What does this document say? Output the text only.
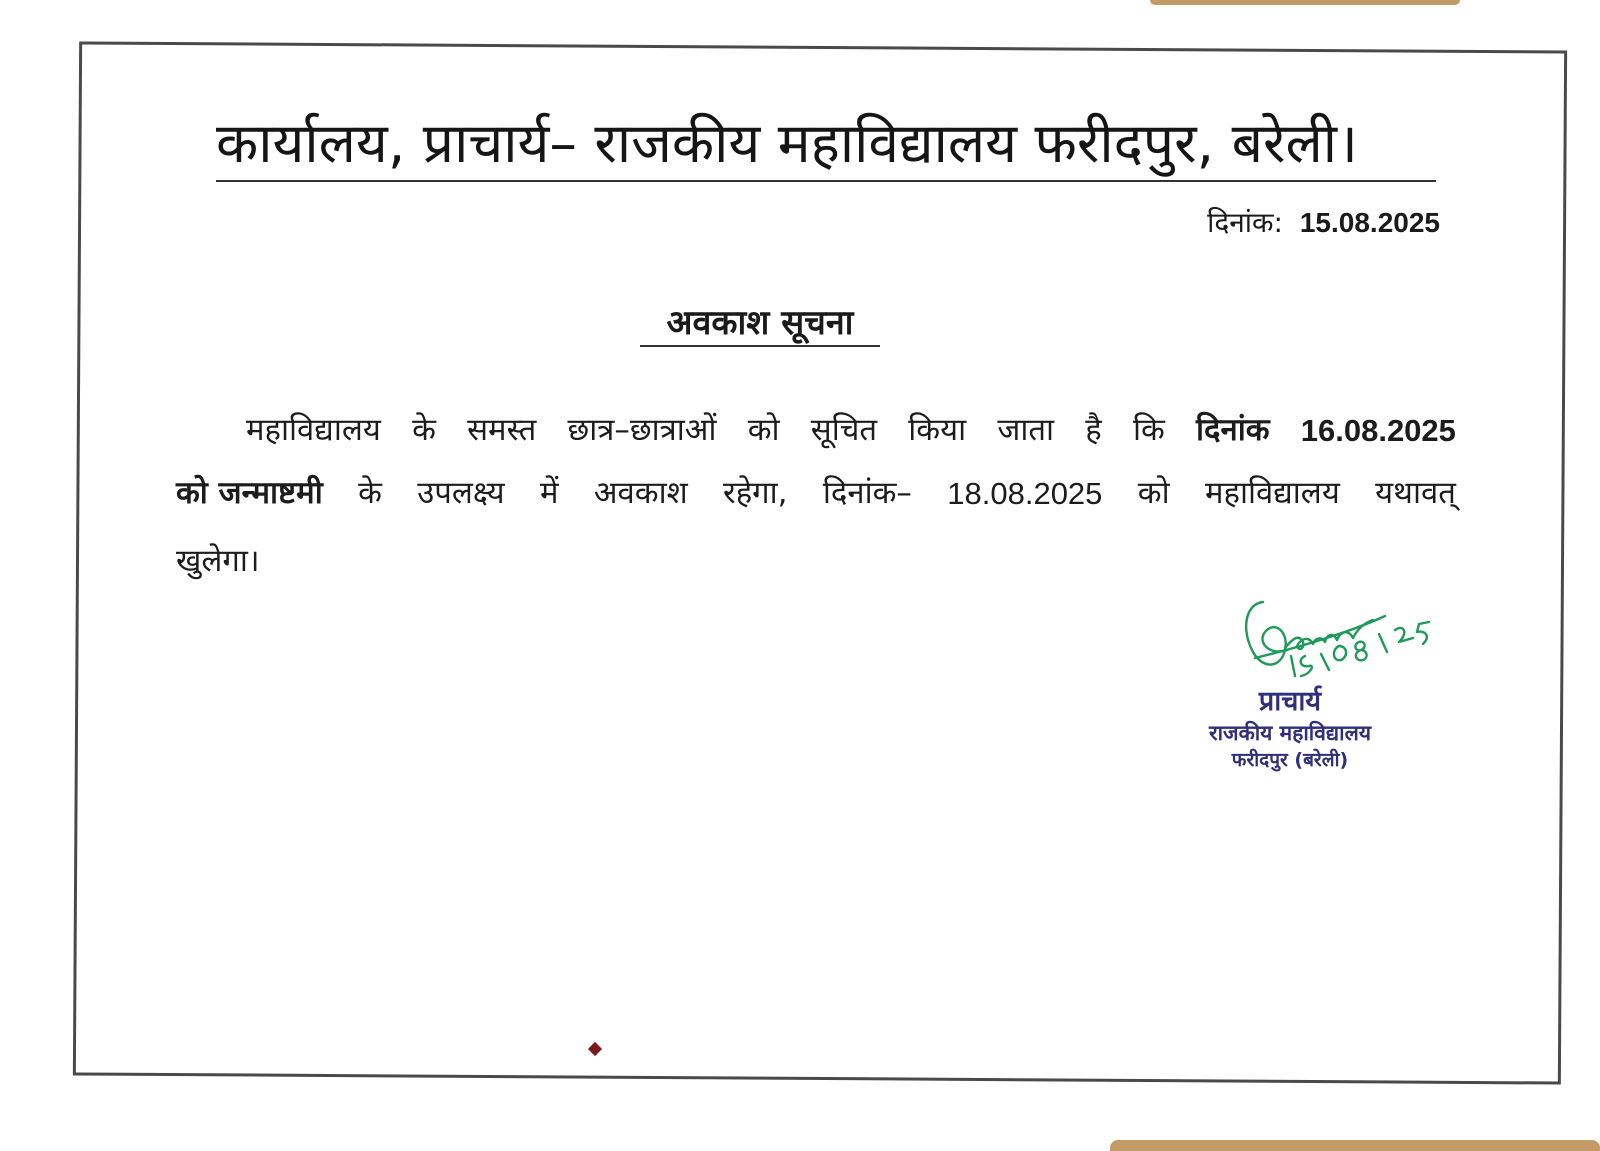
कार्यालय, प्राचार्य– राजकीय महाविद्यालय फरीदपुर, बरेली।
दिनांक: 15.08.2025
अवकाश सूचना
महाविद्यालय के समस्त छात्र–छात्राओं को सूचित किया जाता है कि दिनांक 16.08.2025
को जन्माष्टमी के उपलक्ष्य में अवकाश रहेगा, दिनांक– 18.08.2025 को महाविद्यालय यथावत्
खुलेगा।
प्राचार्य
राजकीय महाविद्यालय
फरीदपुर (बरेली)
